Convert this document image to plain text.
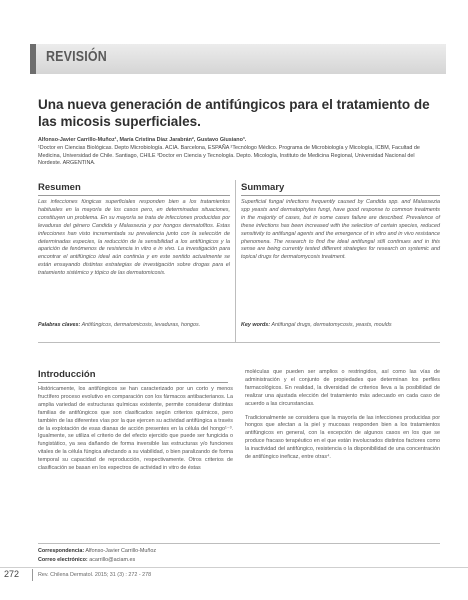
REVISIÓN
Una nueva generación de antifúngicos para el tratamiento de las micosis superficiales.
Alfonso-Javier Carrillo-Muñoz¹, María Cristina Díaz Jarabrán², Gustavo Giusiano³.
¹Doctor en Ciencias Biológicas. Depto Microbiología. ACIA. Barcelona, ESPAÑA ²Tecnólogo Médico. Programa de Microbiología y Micología, ICBM, Facultad de Medicina, Universidad de Chile. Santiago, CHILE ³Doctor en Ciencia y Tecnología. Depto. Micología, Instituto de Medicina Regional, Universidad Nacional del Nordeste. ARGENTINA.
Resumen
Las infecciones fúngicas superficiales responden bien a los tratamientos habituales en la mayoría de los casos pero, en determinadas situaciones, constituyen un problema. En su mayoría se trata de infecciones producidas por levaduras del género Candida y Malassezia y por hongos dermatofitos. Estas infecciones han visto incrementada su prevalencia junto con la selección de determinadas especies, la reducción de la sensibilidad a los antifúngicos y la aparición de fenómenos de resistencia in vitro e in vivo. La investigación para encontrar el antifúngico ideal aún continúa y en este sentido actualmente se están ensayando distintas estrategias de investigación sobre drogas para el tratamiento sistémico y tópico de las dermatomicosis.
Palabras claves: Antifúngicos, dermatomicosis, levaduras, hongos.
Summary
Superficial fungal infections frequently caused by Candida spp. and Malassezia spp yeasts and dermatophytes fungi, have good response to common treatments in the majority of cases, but in some cases failure are described. Prevalence of these infections has been increased with the selection of certain species, reduced sensitivity to antifungal agents and the emergence of in vitro and in vivo resistance phenomena. The research to find the ideal antifungal still continues and in this sense are being currently tested different strategies for research on systemic and topical drugs for dermatomycosis treatment.
Key words: Antifungal drugs, dermatomycosis, yeasts, moulds
Introducción
Históricamente, los antifúngicos se han caracterizado por un corto y menos fructífero proceso evolutivo en comparación con los fármacos antibacterianos. La amplia variedad de estructuras químicas existente, permite considerar distintas familias de antifúngicos que son clasificados según criterios químicos, pero también de las diferentes vías por la que ejercen su actividad antifúngica a través de la explotación de esas dianas de acción presentes en la célula del hongo¹⁻³. Igualmente, se utiliza el criterio de del efecto ejercido que puede ser fungicida o fungistático, ya sea dañando de forma inversible las estructuras y/o funciones vitales de la célula fúngica afectando a su viabilidad, o bien paralizando de forma temporal su capacidad de reproducción, respectivamente. Otros criterios de clasificación se basan en los espectros de actividad in vitro de éstas

moléculas que pueden ser amplios o restringidos, así como las vías de administración y el conjunto de propiedades que determinan los perfiles farmacológicos. En realidad, la diversidad de criterios lleva a la posibilidad de realizar una ajustada elección del tratamiento más adecuado en cada caso de acuerdo a las circunstancias.

Tradicionalmente se considera que la mayoría de las infecciones producidas por hongos que afectan a la piel y mucosas responden bien a los tratamientos antifúngicos en general, con la excepción de algunos casos en los que se produce fracaso terapéutico en el que están involucrados distintos factores como la inactividad del antifúngico, resistencia o la disponibilidad de una concentración de antifúngico ineficaz, entre otras⁴.

Correspondencia: Alfonso-Javier Carrillo-Muñoz
Correo electrónico: acarrillo@aciam.es
272	Rev. Chilena Dermatol. 2015; 31 (3) : 272 - 278
